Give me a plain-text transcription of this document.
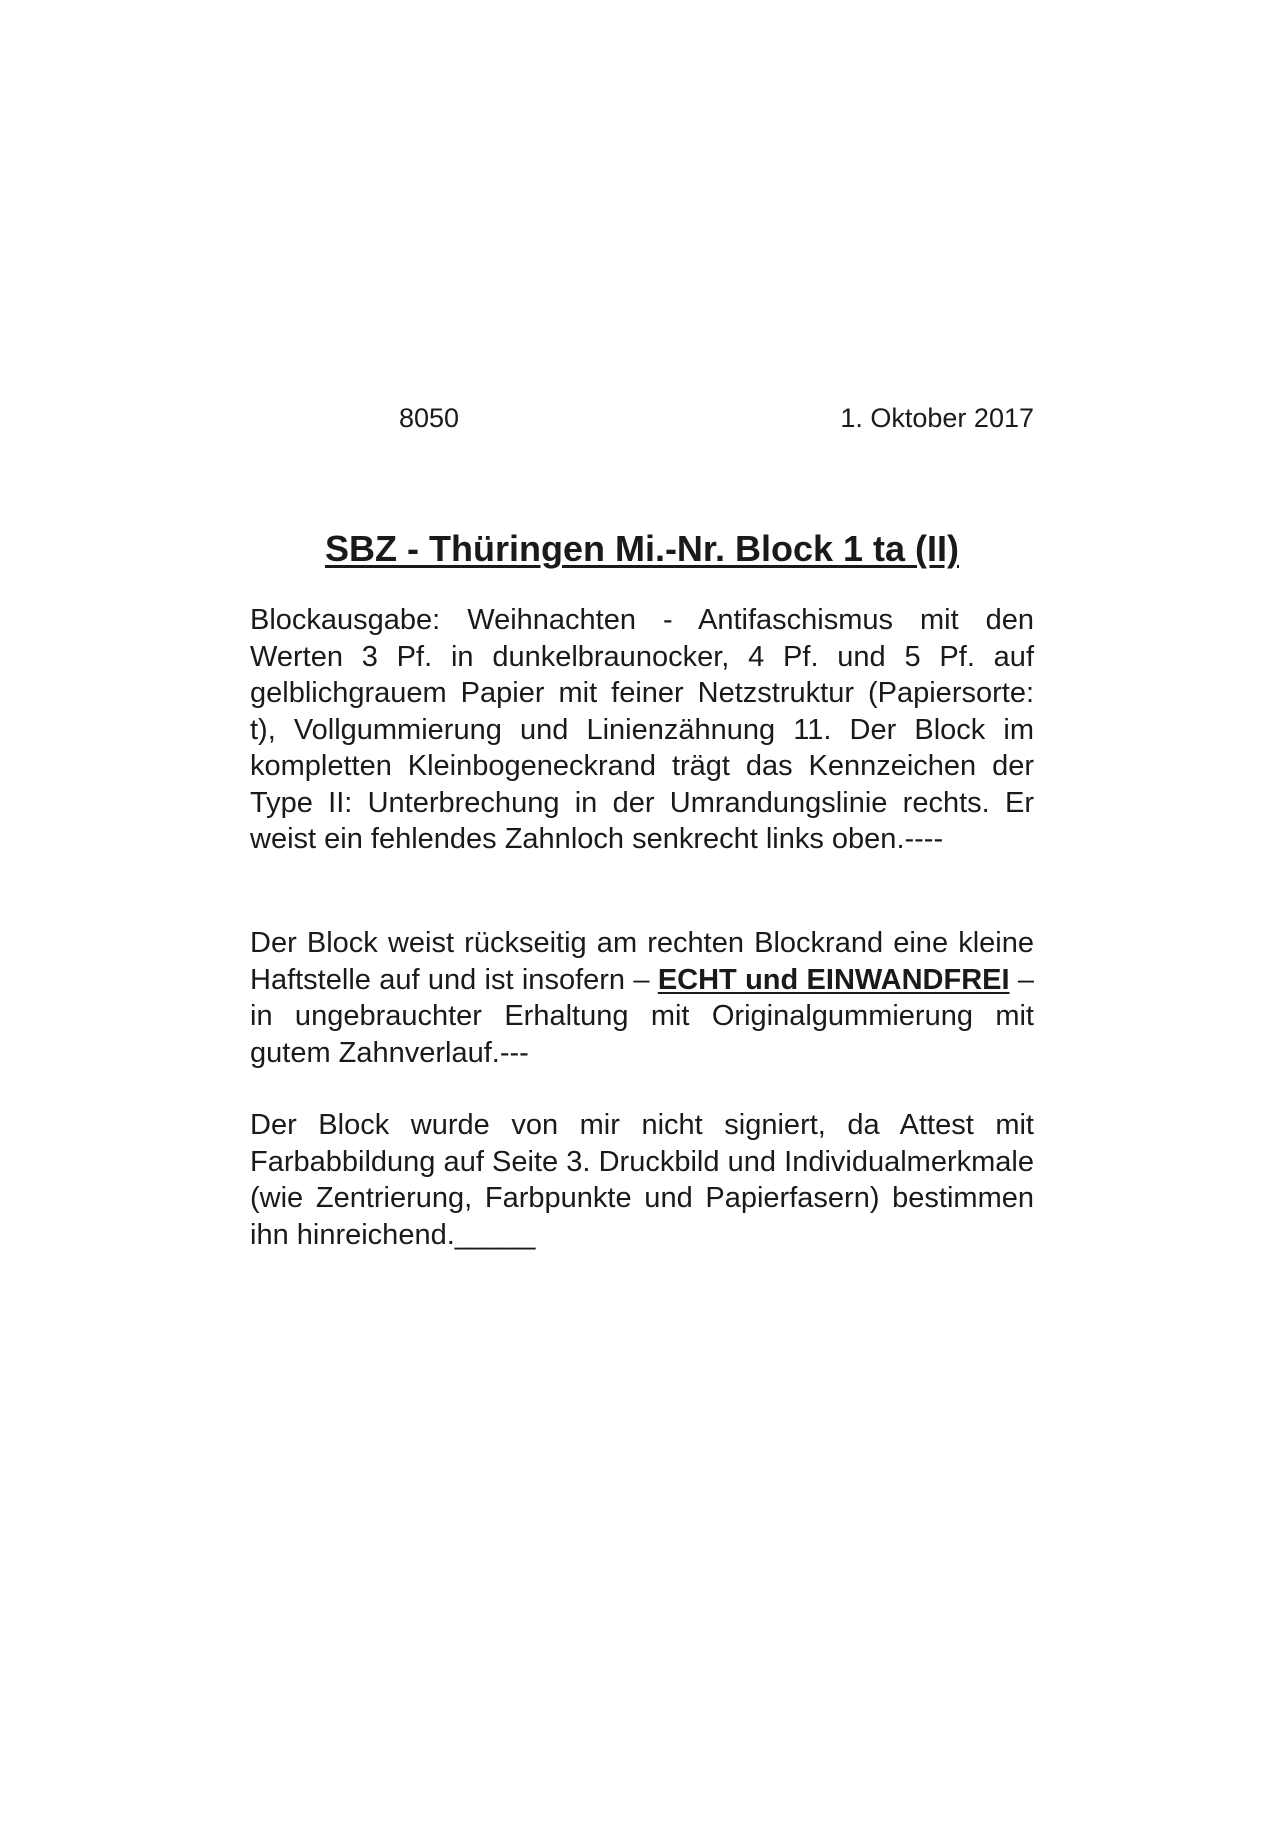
8050	1. Oktober 2017
SBZ - Thüringen Mi.-Nr. Block 1 ta (II)

Blockausgabe: Weihnachten - Antifaschismus mit den Werten 3 Pf. in dunkelbraunocker, 4 Pf. und 5 Pf. auf gelblichgrauem Papier mit feiner Netzstruktur (Papiersorte: t), Vollgummierung und Linienzähnung 11. Der Block im kompletten Kleinbogeneckrand trägt das Kennzeichen der Type II: Unterbrechung in der Umrandungslinie rechts. Er weist ein fehlendes Zahnloch senkrecht links oben.----

Der Block weist rückseitig am rechten Blockrand eine kleine Haftstelle auf und ist insofern – ECHT und EINWANDFREI – in ungebrauchter Erhaltung mit Originalgummierung mit gutem Zahnverlauf.---

Der Block wurde von mir nicht signiert, da Attest mit Farbabbildung auf Seite 3. Druckbild und Individualmerkmale (wie Zentrierung, Farbpunkte und Papierfasern) bestimmen ihn hinreichend._____
